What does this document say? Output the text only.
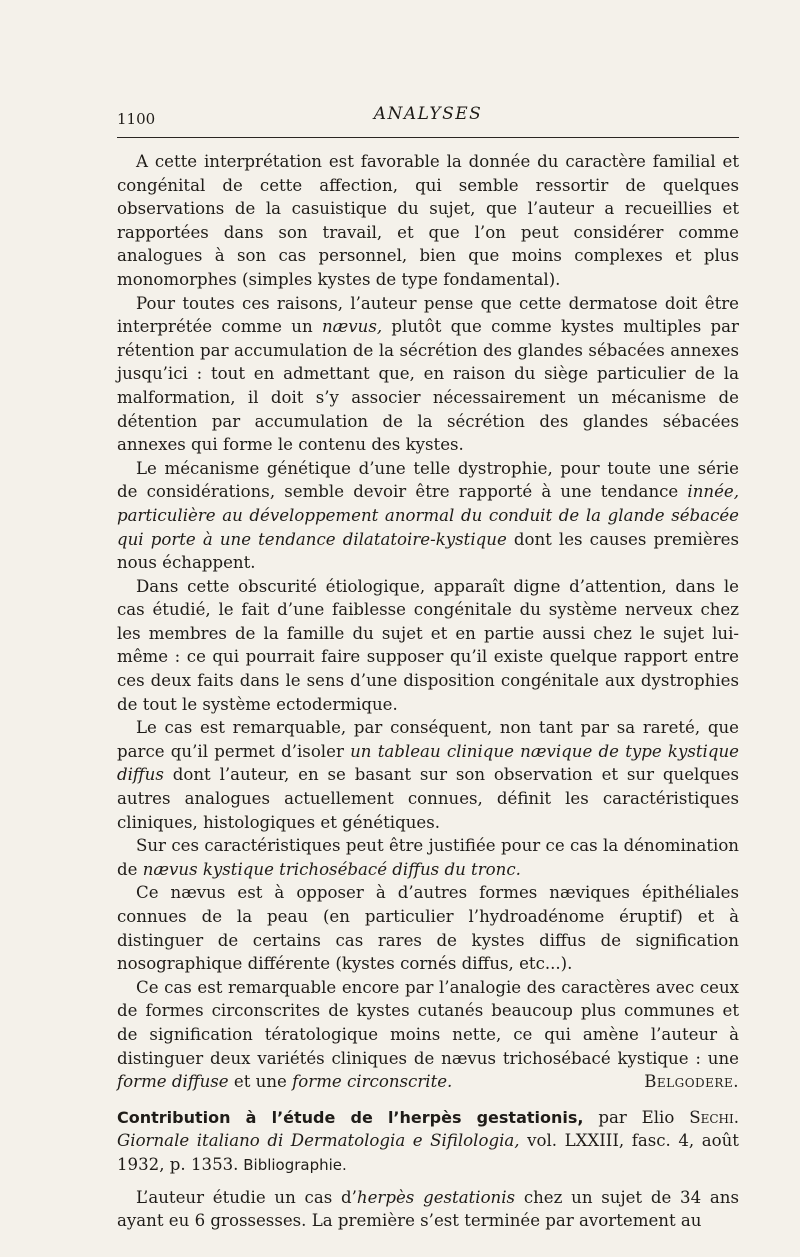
1100	ANALYSES

A cette interprétation est favorable la donnée du caractère familial et congénital de cette affection, qui semble ressortir de quelques observations de la casuistique du sujet, que l’auteur a recueillies et rapportées dans son travail, et que l’on peut considérer comme analogues à son cas personnel, bien que moins complexes et plus monomorphes (simples kystes de type fondamental).

Pour toutes ces raisons, l’auteur pense que cette dermatose doit être interprétée comme un nævus, plutôt que comme kystes multiples par rétention par accumulation de la sécrétion des glandes sébacées annexes jusqu’ici : tout en admettant que, en raison du siège particulier de la malformation, il doit s’y associer nécessairement un mécanisme de détention par accumulation de la sécrétion des glandes sébacées annexes qui forme le contenu des kystes.

Le mécanisme génétique d’une telle dystrophie, pour toute une série de considérations, semble devoir être rapporté à une tendance innée, particulière au développement anormal du conduit de la glande sébacée qui porte à une tendance dilatatoire-kystique dont les causes premières nous échappent.

Dans cette obscurité étiologique, apparaît digne d’attention, dans le cas étudié, le fait d’une faiblesse congénitale du système nerveux chez les membres de la famille du sujet et en partie aussi chez le sujet lui-même : ce qui pourrait faire supposer qu’il existe quelque rapport entre ces deux faits dans le sens d’une disposition congénitale aux dystrophies de tout le système ectodermique.

Le cas est remarquable, par conséquent, non tant par sa rareté, que parce qu’il permet d’isoler un tableau clinique nævique de type kystique diffus dont l’auteur, en se basant sur son observation et sur quelques autres analogues actuellement connues, définit les caractéristiques cliniques, histologiques et génétiques.

Sur ces caractéristiques peut être justifiée pour ce cas la dénomination de nævus kystique trichosébacé diffus du tronc.

Ce nævus est à opposer à d’autres formes næviques épithéliales connues de la peau (en particulier l’hydroadénome éruptif) et à distinguer de certains cas rares de kystes diffus de signification nosographique différente (kystes cornés diffus, etc...).

Ce cas est remarquable encore par l’analogie des caractères avec ceux de formes circonscrites de kystes cutanés beaucoup plus communes et de signification tératologique moins nette, ce qui amène l’auteur à distinguer deux variétés cliniques de nævus trichosébacé kystique : une forme diffuse et une forme circonscrite.	Belgodere.

Contribution à l’étude de l’herpès gestationis, par Elio Sechi. Giornale italiano di Dermatologia e Sifilologia, vol. LXXIII, fasc. 4, août 1932, p. 1353. Bibliographie.

L’auteur étudie un cas d’herpès gestationis chez un sujet de 34 ans ayant eu 6 grossesses. La première s’est terminée par avortement au
